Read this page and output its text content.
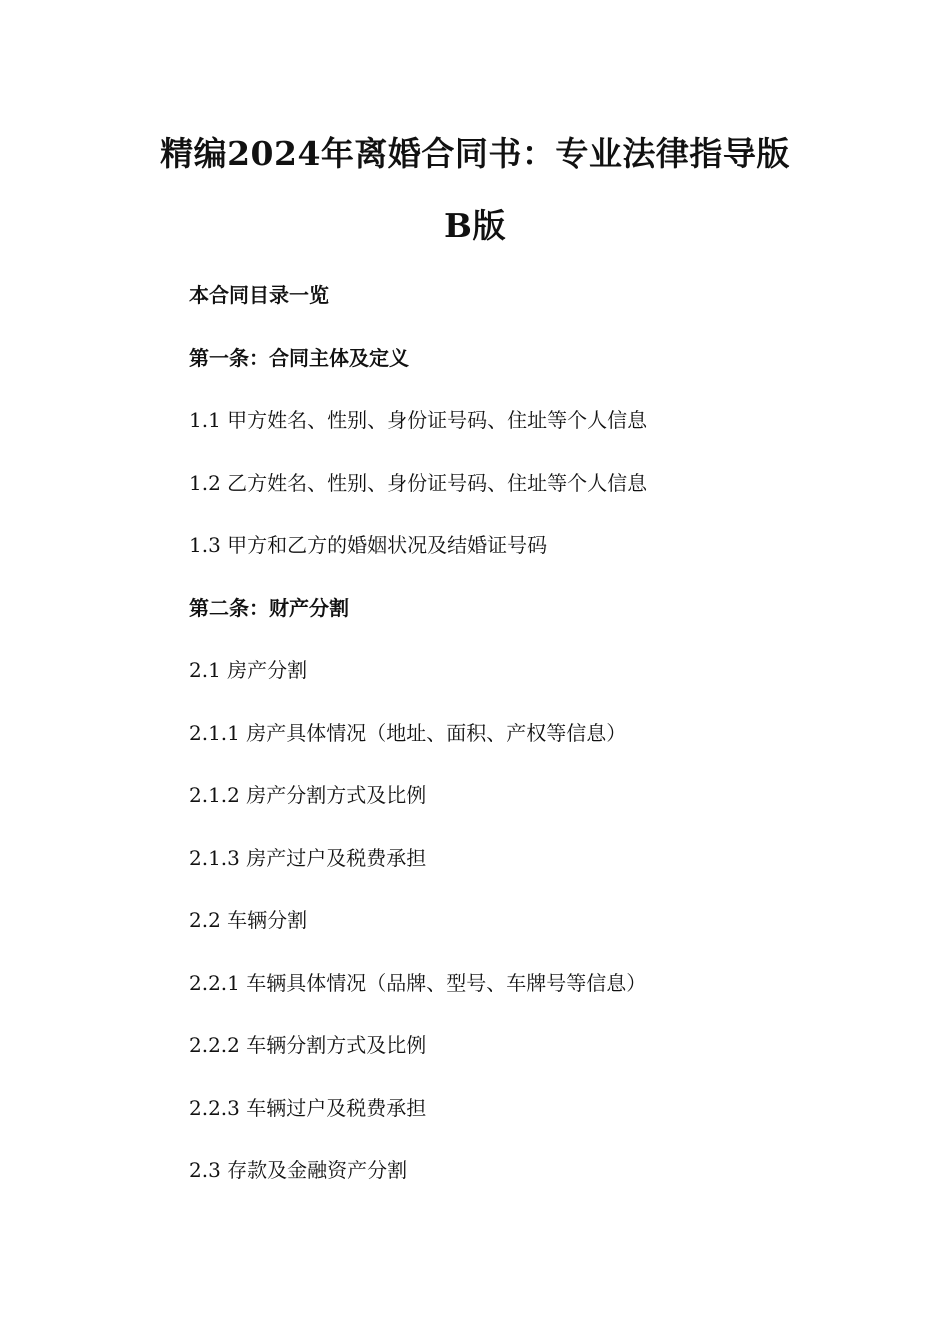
精编2024年离婚合同书：专业法律指导版
B版
本合同目录一览
第一条：合同主体及定义
1.1 甲方姓名、性别、身份证号码、住址等个人信息
1.2 乙方姓名、性别、身份证号码、住址等个人信息
1.3 甲方和乙方的婚姻状况及结婚证号码
第二条：财产分割
2.1 房产分割
2.1.1 房产具体情况（地址、面积、产权等信息）
2.1.2 房产分割方式及比例
2.1.3 房产过户及税费承担
2.2 车辆分割
2.2.1 车辆具体情况（品牌、型号、车牌号等信息）
2.2.2 车辆分割方式及比例
2.2.3 车辆过户及税费承担
2.3 存款及金融资产分割
